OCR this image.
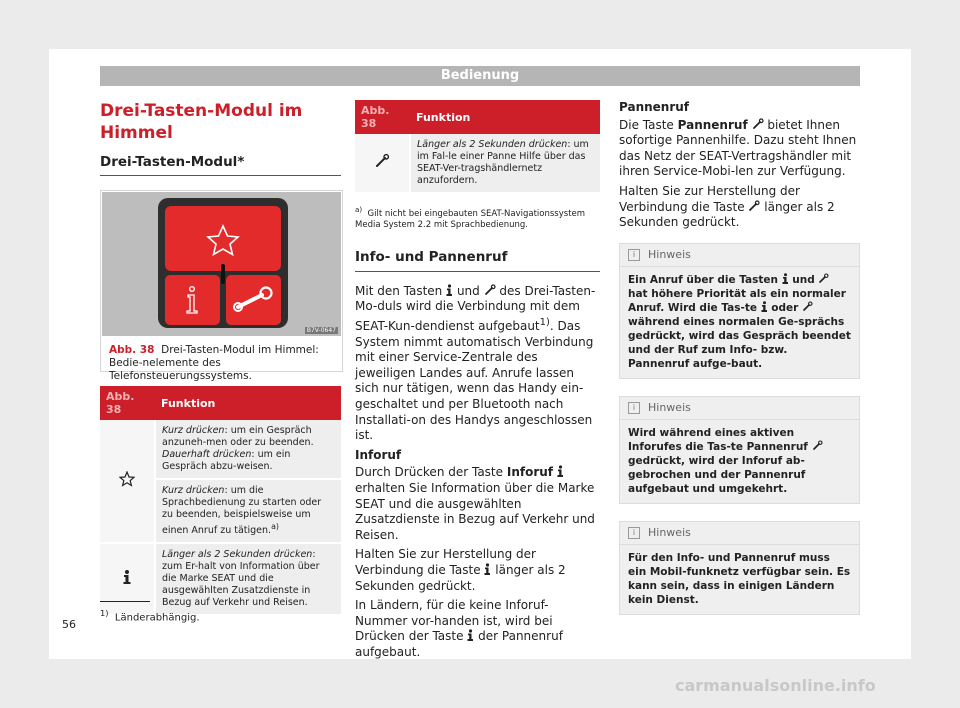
Bedienung
Drei-Tasten-Modul im Himmel
Drei-Tasten-Modul*
B7V-0647
Abb. 38 Drei-Tasten-Modul im Himmel: Bedie-nelemente des Telefonsteuerungssystems.
Abb. 38	Funktion
	Kurz drücken: um ein Gespräch anzuneh-men oder zu beenden.
Dauerhaft drücken: um ein Gespräch abzu-weisen.
	Kurz drücken: um die Sprachbedienung zu starten oder zu beenden, beispielsweise um einen Anruf zu tätigen.$^{a)}$
	Länger als 2 Sekunden drücken: zum Er-halt von Information über die Marke SEAT und die ausgewählten Zusatzdienste in Bezug auf Verkehr und Reisen.
Abb. 38	Funktion
	Länger als 2 Sekunden drücken: um im Fal-le einer Panne Hilfe über das SEAT-Ver-tragshändlernetz anzufordern.
$^{a)}$ Gilt nicht bei eingebauten SEAT-Navigationssystem Media System 2.2 mit Sprachbedienung.
Info- und Pannenruf

Mit den Tasten und des Drei-Tasten-Mo-duls wird die Verbindung mit dem SEAT-Kun-dendienst aufgebaut$^{1)}$. Das System nimmt automatisch Verbindung mit einer Service-Zentrale des jeweiligen Landes auf. Anrufe lassen sich nur tätigen, wenn das Handy ein-geschaltet und per Bluetooth nach Installati-on des Handys angeschlossen ist.

Inforuf

Durch Drücken der Taste Inforuf  erhalten Sie Information über die Marke SEAT und die ausgewählten Zusatzdienste in Bezug auf Verkehr und Reisen.

Halten Sie zur Herstellung der Verbindung die Taste länger als 2 Sekunden gedrückt.

In Ländern, für die keine Inforuf-Nummer vor-handen ist, wird bei Drücken der Taste der Pannenruf aufgebaut.

Pannenruf

Die Taste Pannenruf bietet Ihnen sofortige Pannenhilfe. Dazu steht Ihnen das Netz der SEAT-Vertragshändler mit ihren Service-Mobi-len zur Verfügung.

Halten Sie zur Herstellung der Verbindung die Taste länger als 2 Sekunden gedrückt.

i Hinweis
Ein Anruf über die Tasten und  hat höhere Priorität als ein normaler Anruf. Wird die Tas-te oder  während eines normalen Ge-sprächs gedrückt, wird das Gespräch beendet und der Ruf zum Info- bzw. Pannenruf aufge-baut.
i Hinweis
Wird während eines aktiven Inforufes die Tas-te Pannenruf  gedrückt, wird der Inforuf ab-gebrochen und der Pannenruf aufgebaut und umgekehrt.
i Hinweis
Für den Info- und Pannenruf muss ein Mobil-funknetz verfügbar sein. Es kann sein, dass in einigen Ländern kein Dienst.
$^{1)}$ Länderabhängig.
56
carmanualsonline.info
